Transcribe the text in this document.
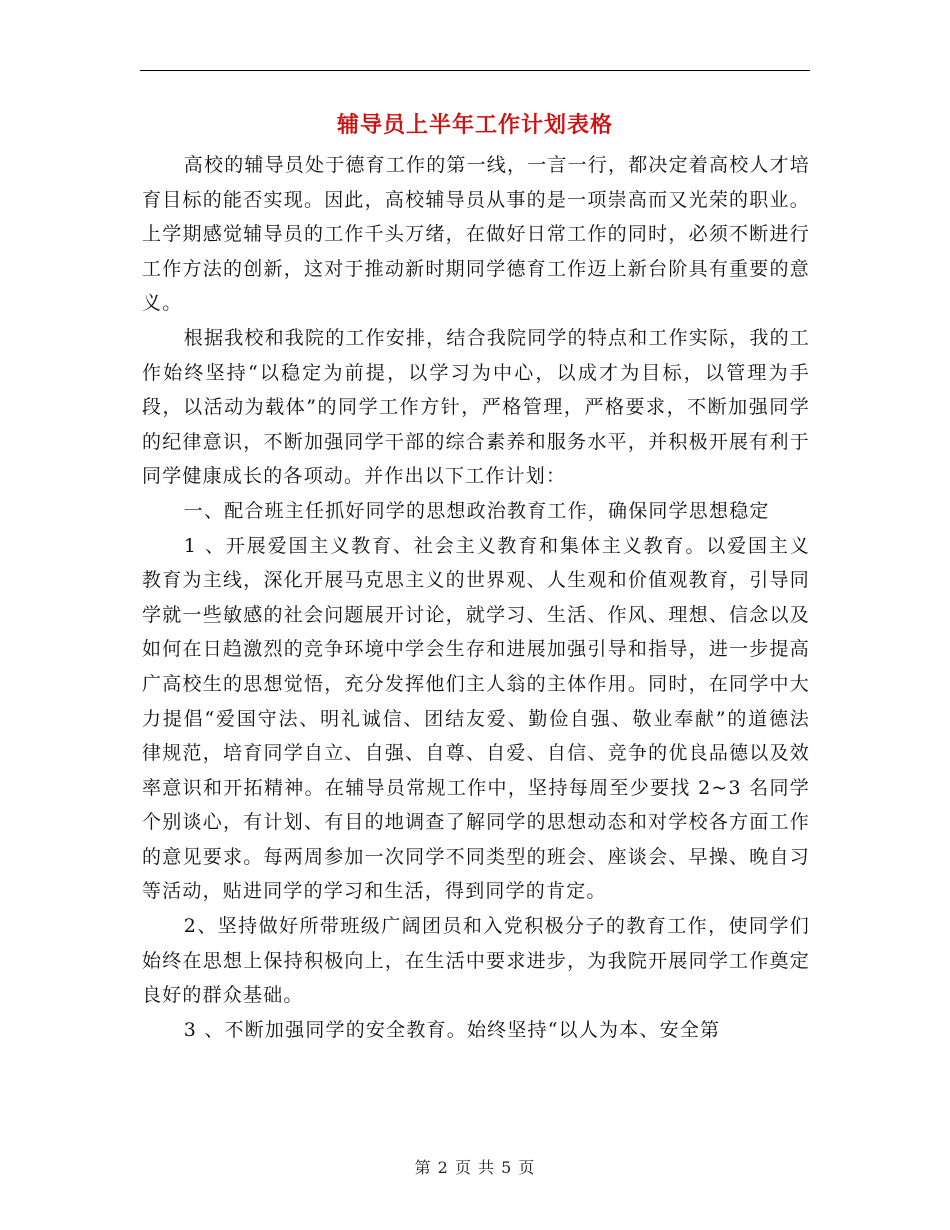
辅导员上半年工作计划表格

高校的辅导员处于德育工作的第一线，一言一行，都决定着高校人才培育目标的能否实现。因此，高校辅导员从事的是一项崇高而又光荣的职业。上学期感觉辅导员的工作千头万绪，在做好日常工作的同时，必须不断进行工作方法的创新，这对于推动新时期同学德育工作迈上新台阶具有重要的意义。

根据我校和我院的工作安排，结合我院同学的特点和工作实际，我的工作始终坚持“以稳定为前提，以学习为中心，以成才为目标，以管理为手段，以活动为载体”的同学工作方针，严格管理，严格要求，不断加强同学的纪律意识，不断加强同学干部的综合素养和服务水平，并积极开展有利于同学健康成长的各项动。并作出以下工作计划：

一、配合班主任抓好同学的思想政治教育工作，确保同学思想稳定

1 、开展爱国主义教育、社会主义教育和集体主义教育。以爱国主义教育为主线，深化开展马克思主义的世界观、人生观和价值观教育，引导同学就一些敏感的社会问题展开讨论，就学习、生活、作风、理想、信念以及如何在日趋激烈的竞争环境中学会生存和进展加强引导和指导，进一步提高广高校生的思想觉悟，充分发挥他们主人翁的主体作用。同时，在同学中大力提倡“爱国守法、明礼诚信、团结友爱、勤俭自强、敬业奉献”的道德法律规范，培育同学自立、自强、自尊、自爱、自信、竞争的优良品德以及效率意识和开拓精神。在辅导员常规工作中，坚持每周至少要找 2~3 名同学个别谈心，有计划、有目的地调查了解同学的思想动态和对学校各方面工作的意见要求。每两周参加一次同学不同类型的班会、座谈会、早操、晚自习等活动，贴进同学的学习和生活，得到同学的肯定。

2、坚持做好所带班级广阔团员和入党积极分子的教育工作，使同学们始终在思想上保持积极向上，在生活中要求进步，为我院开展同学工作奠定良好的群众基础。

3 、不断加强同学的安全教育。始终坚持“以人为本、安全第

第 2 页 共 5 页
